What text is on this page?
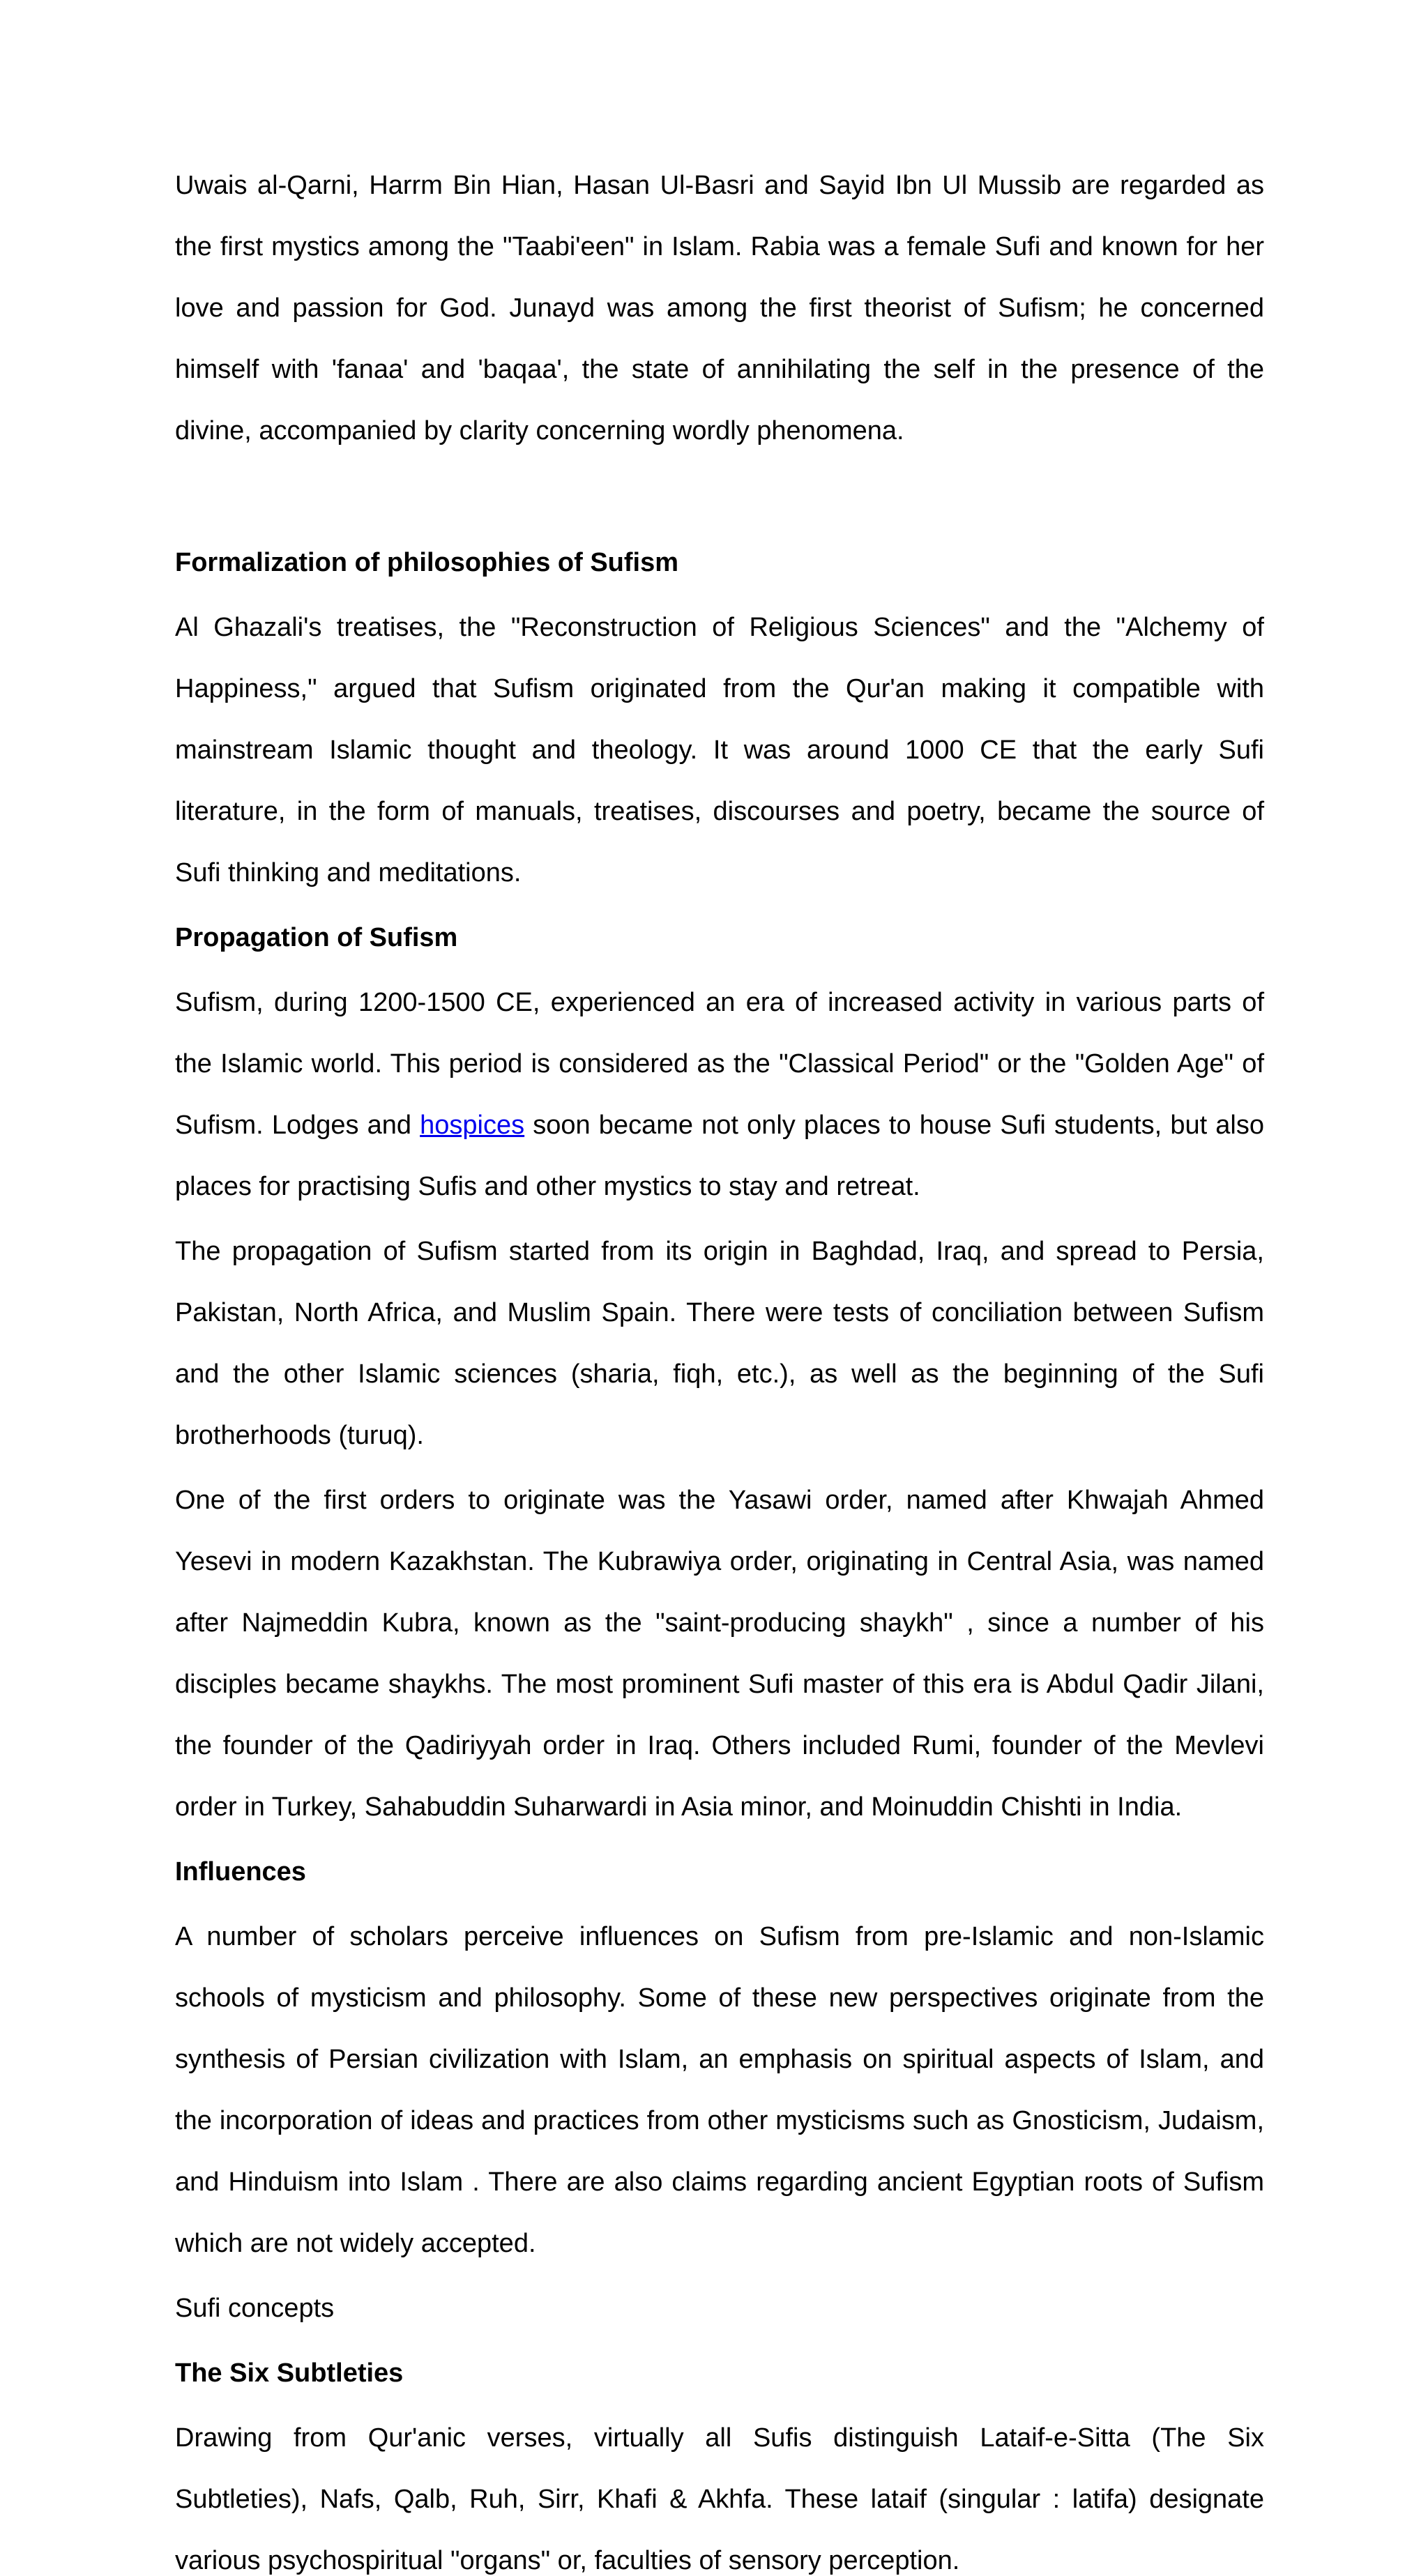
Uwais al-Qarni, Harrm Bin Hian, Hasan Ul-Basri and Sayid Ibn Ul Mussib are regarded as

the first mystics among the "Taabi'een" in Islam. Rabia was a female Sufi and known for her

love and passion for God. Junayd was among the first theorist of Sufism; he concerned

himself with 'fanaa' and 'baqaa', the state of annihilating the self in the presence of the

divine, accompanied by clarity concerning wordly phenomena.

Formalization of philosophies of Sufism

Al Ghazali's treatises, the "Reconstruction of Religious Sciences" and the "Alchemy of

Happiness," argued that Sufism originated from the Qur'an making it compatible with

mainstream Islamic thought and theology. It was around 1000 CE that the early Sufi

literature, in the form of manuals, treatises, discourses and poetry, became the source of

Sufi thinking and meditations.

Propagation of Sufism

Sufism, during 1200-1500 CE, experienced an era of increased activity in various parts of

the Islamic world. This period is considered as the "Classical Period" or the "Golden Age" of

Sufism. Lodges and hospices soon became not only places to house Sufi students, but also

places for practising Sufis and other mystics to stay and retreat.

The propagation of Sufism started from its origin in Baghdad, Iraq, and spread to Persia,

Pakistan, North Africa, and Muslim Spain. There were tests of conciliation between Sufism

and the other Islamic sciences (sharia, fiqh, etc.), as well as the beginning of the Sufi

brotherhoods (turuq).

One of the first orders to originate was the Yasawi order, named after Khwajah Ahmed

Yesevi in modern Kazakhstan. The Kubrawiya order, originating in Central Asia, was named

after Najmeddin Kubra, known as the "saint-producing shaykh" , since a number of his

disciples became shaykhs. The most prominent Sufi master of this era is Abdul Qadir Jilani,

the founder of the Qadiriyyah order in Iraq. Others included Rumi, founder of the Mevlevi

order in Turkey, Sahabuddin Suharwardi in Asia minor, and Moinuddin Chishti in India.

Influences

A number of scholars perceive influences on Sufism from pre-Islamic and non-Islamic

schools of mysticism and philosophy. Some of these new perspectives originate from the

synthesis of Persian civilization with Islam, an emphasis on spiritual aspects of Islam, and

the incorporation of ideas and practices from other mysticisms such as Gnosticism, Judaism,

and Hinduism into Islam . There are also claims regarding ancient Egyptian roots of Sufism

which are not widely accepted.

Sufi concepts

The Six Subtleties

Drawing from Qur'anic verses, virtually all Sufis distinguish Lataif-e-Sitta (The Six

Subtleties), Nafs, Qalb, Ruh, Sirr, Khafi & Akhfa. These lataif (singular : latifa) designate

various psychospiritual "organs" or, faculties of sensory perception.
